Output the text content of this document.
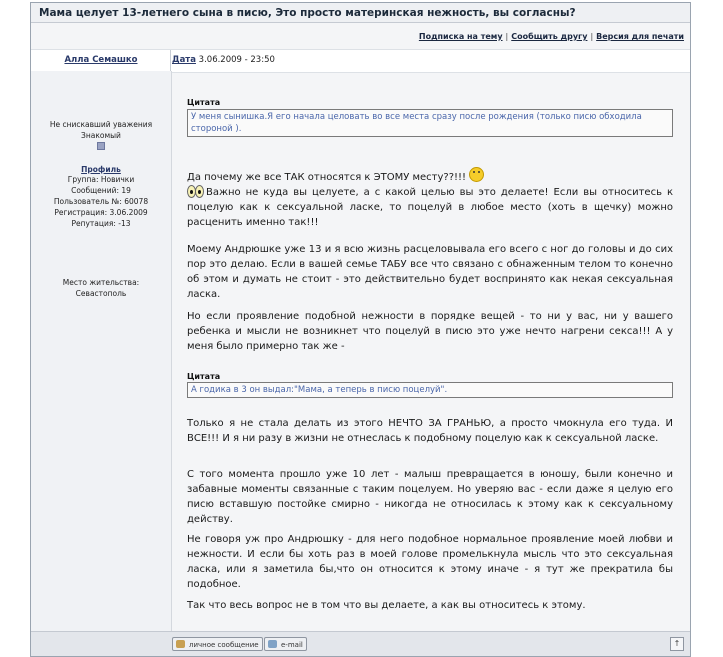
Мама целует 13-летнего сына в писю, Это просто материнская нежность, вы согласны?
Подписка на тему | Сообщить другу | Версия для печати
Алла Семашко	Дата 3.06.2009 - 23:50
Не снискавший уважения
Знакомый
Профиль
Группа: Новички
Сообщений: 19
Пользователь №: 60078
Регистрация: 3.06.2009
Репутация: -13
Место жительства:
Севастополь
Цитата
У меня сынишка.Я его начала целовать во все места сразу после рождения (только писю обходила стороной ).
Да почему же все ТАК относятся к ЭТОМУ месту??!!!
Важно не куда вы целуете, а с какой целью вы это делаете! Если вы относитесь к поцелую как к сексуальной ласке, то поцелуй в любое место (хоть в щечку) можно расценить именно так!!!
Моему Андрюшке уже 13 и я всю жизнь расцеловывала его всего с ног до головы и до сих пор это делаю. Если в вашей семье ТАБУ все что связано с обнаженным телом то конечно об этом и думать не стоит - это действительно будет воспринято как некая сексуальная ласка.
Но если проявление подобной нежности в порядке вещей - то ни у вас, ни у вашего ребенка и мысли не возникнет что поцелуй в писю это уже нечто нагрени секса!!! А у меня было примерно так же -
Цитата
А годика в 3 он выдал:"Мама, а теперь в писю поцелуй".
Только я не стала делать из этого НЕЧТО ЗА ГРАНЬЮ, а просто чмокнула его туда. И ВСЕ!!! И я ни разу в жизни не отнеслась к подобному поцелую как к сексуальной ласке.
С того момента прошло уже 10 лет - малыш превращается в юношу, были конечно и забавные моменты связанные с таким поцелуем. Но уверяю вас - если даже я целую его писю вставшую постойке смирно - никогда не относилась к этому как к сексуальному действу.
Не говоря уж про Андрюшку - для него подобное нормальное проявление моей любви и нежности. И если бы хоть раз в моей голове промелькнула мысль что это сексуальная ласка, или я заметила бы,что он относится к этому иначе - я тут же прекратила бы подобное.
Так что весь вопрос не в том что вы делаете, а как вы относитесь к этому.
личное сообщение	e-mail	↑
